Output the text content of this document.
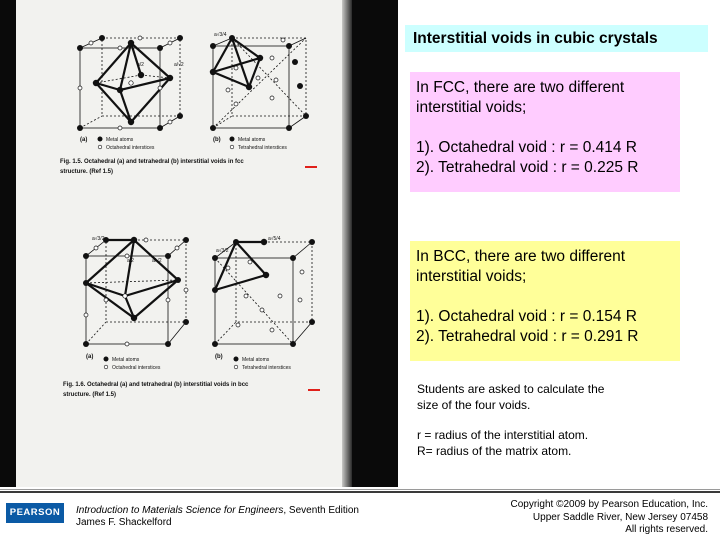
a/2	a/√2
(a)
a√3/4
(b)
Metal atoms
Octahedral interstices
Metal atoms
Tetrahedral interstices
Fig. 1.5. Octahedral (a) and tetrahedral (b) interstitial voids in fcc
structure. (Ref 1.5)
a√3/2
a/2	a/√2
(a)
a√3/2
a√5/4
(b)
Metal atoms
Octahedral interstices
Metal atoms
Tetrahedral interstices
Fig. 1.6. Octahedral (a) and tetrahedral (b) interstitial voids in bcc
structure. (Ref 1.5)
Interstitial voids in cubic crystals
In FCC, there are two different
interstitial voids;
1). Octahedral void : r = 0.414 R
2). Tetrahedral void : r = 0.225 R
In BCC, there are two different
interstitial voids;
1). Octahedral void : r = 0.154 R
2). Tetrahedral void : r = 0.291 R
Students are asked to calculate the
size of the four voids.
r = radius of the interstitial atom.
R= radius of the matrix atom.
PEARSON	Introduction to Materials Science for Engineers, Seventh Edition
James F. Shackelford
Copyright ©2009 by Pearson Education, Inc.
Upper Saddle River, New Jersey 07458
All rights reserved.
